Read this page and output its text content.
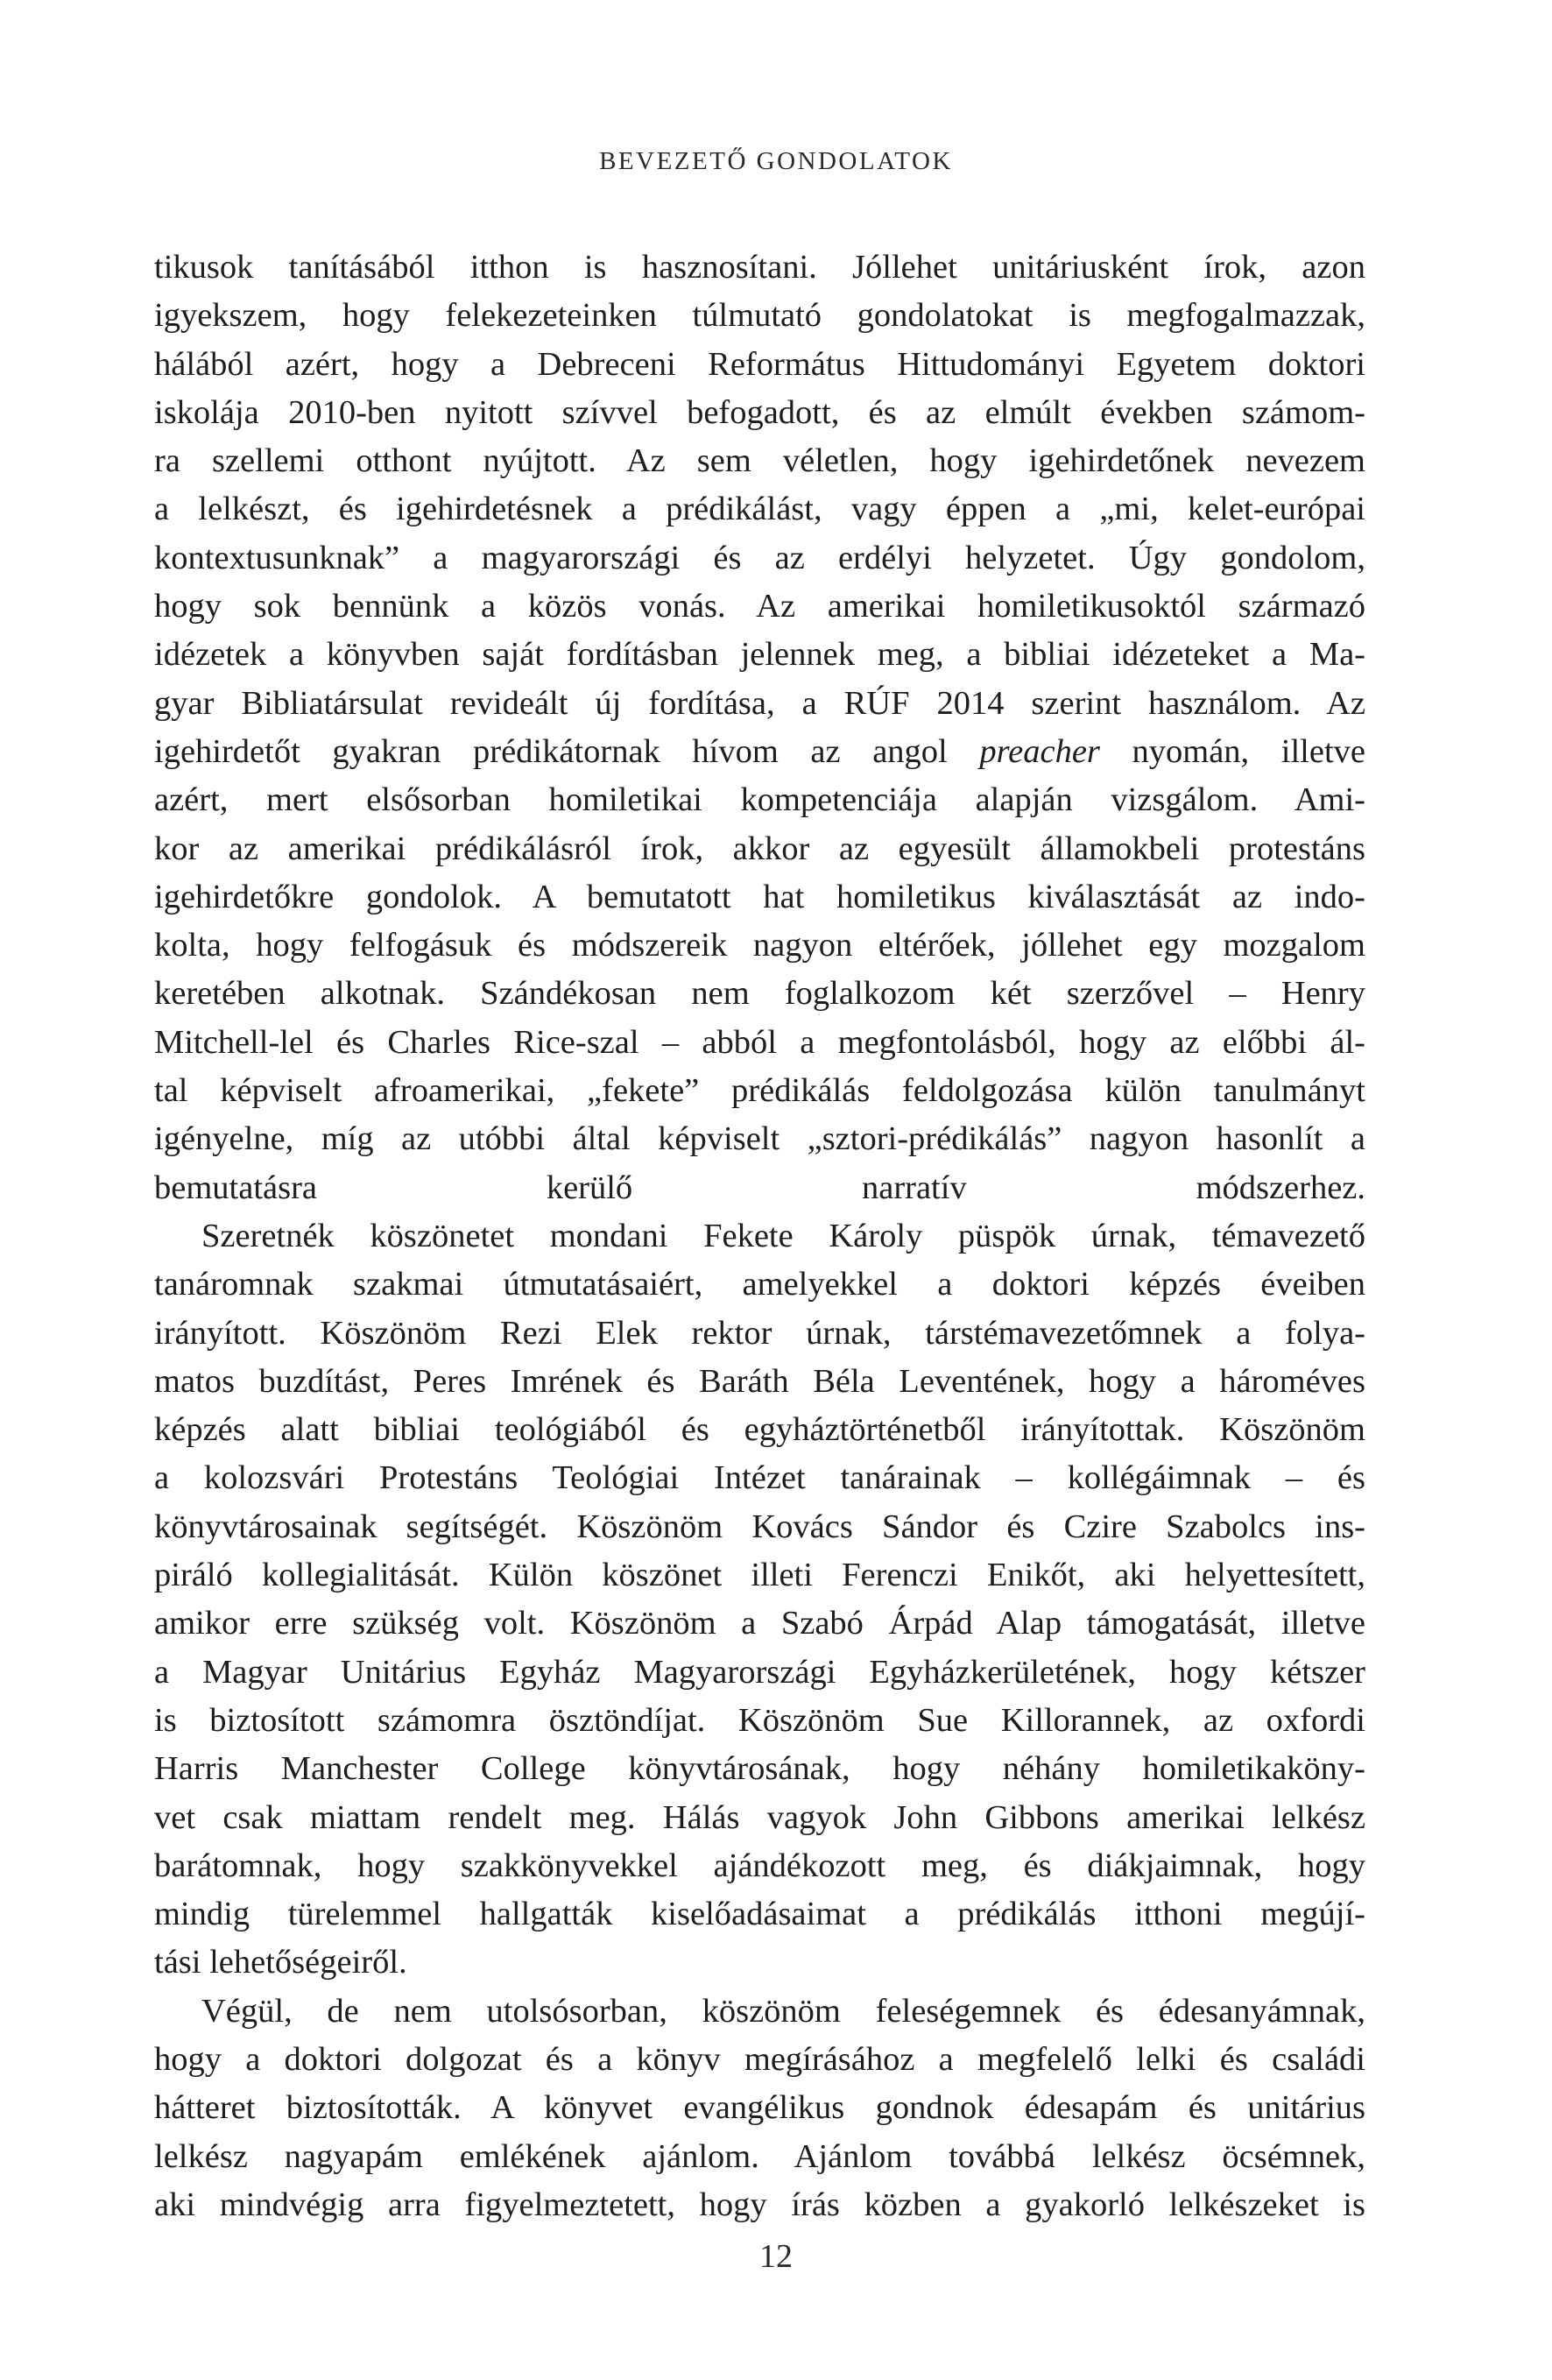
BEVEZETŐ GONDOLATOK
tikusok tanításából itthon is hasznosítani. Jóllehet unitáriusként írok, azon
igyekszem, hogy felekezeteinken túlmutató gondolatokat is megfogalmazzak,
hálából azért, hogy a Debreceni Református Hittudományi Egyetem doktori
iskolája 2010-ben nyitott szívvel befogadott, és az elmúlt években számom-
ra szellemi otthont nyújtott. Az sem véletlen, hogy igehirdetőnek nevezem
a lelkészt, és igehirdetésnek a prédikálást, vagy éppen a „mi, kelet-európai
kontextusunknak” a magyarországi és az erdélyi helyzetet. Úgy gondolom,
hogy sok bennünk a közös vonás. Az amerikai homiletikusoktól származó
idézetek a könyvben saját fordításban jelennek meg, a bibliai idézeteket a Ma-
gyar Bibliatársulat revideált új fordítása, a RÚF 2014 szerint használom. Az
igehirdetőt gyakran prédikátornak hívom az angol preacher nyomán, illetve
azért, mert elsősorban homiletikai kompetenciája alapján vizsgálom. Ami-
kor az amerikai prédikálásról írok, akkor az egyesült államokbeli protestáns
igehirdetőkre gondolok. A bemutatott hat homiletikus kiválasztását az indo-
kolta, hogy felfogásuk és módszereik nagyon eltérőek, jóllehet egy mozgalom
keretében alkotnak. Szándékosan nem foglalkozom két szerzővel – Henry
Mitchell-lel és Charles Rice-szal – abból a megfontolásból, hogy az előbbi ál-
tal képviselt afroamerikai, „fekete” prédikálás feldolgozása külön tanulmányt
igényelne, míg az utóbbi által képviselt „sztori-prédikálás” nagyon hasonlít a
bemutatásra kerülő narratív módszerhez.
Szeretnék köszönetet mondani Fekete Károly püspök úrnak, témavezető
tanáromnak szakmai útmutatásaiért, amelyekkel a doktori képzés éveiben
irányított. Köszönöm Rezi Elek rektor úrnak, társtémavezetőmnek a folya-
matos buzdítást, Peres Imrének és Baráth Béla Leventének, hogy a hároméves
képzés alatt bibliai teológiából és egyháztörténetből irányítottak. Köszönöm
a kolozsvári Protestáns Teológiai Intézet tanárainak – kollégáimnak – és
könyvtárosainak segítségét. Köszönöm Kovács Sándor és Czire Szabolcs ins-
piráló kollegialitását. Külön köszönet illeti Ferenczi Enikőt, aki helyettesített,
amikor erre szükség volt. Köszönöm a Szabó Árpád Alap támogatását, illetve
a Magyar Unitárius Egyház Magyarországi Egyházkerületének, hogy kétszer
is biztosított számomra ösztöndíjat. Köszönöm Sue Killorannek, az oxfordi
Harris Manchester College könyvtárosának, hogy néhány homiletikaköny-
vet csak miattam rendelt meg. Hálás vagyok John Gibbons amerikai lelkész
barátomnak, hogy szakkönyvekkel ajándékozott meg, és diákjaimnak, hogy
mindig türelemmel hallgatták kiselőadásaimat a prédikálás itthoni megújí-
tási lehetőségeiről.
Végül, de nem utolsósorban, köszönöm feleségemnek és édesanyámnak,
hogy a doktori dolgozat és a könyv megírásához a megfelelő lelki és családi
hátteret biztosították. A könyvet evangélikus gondnok édesapám és unitárius
lelkész nagyapám emlékének ajánlom. Ajánlom továbbá lelkész öcsémnek,
aki mindvégig arra figyelmeztetett, hogy írás közben a gyakorló lelkészeket is
12
